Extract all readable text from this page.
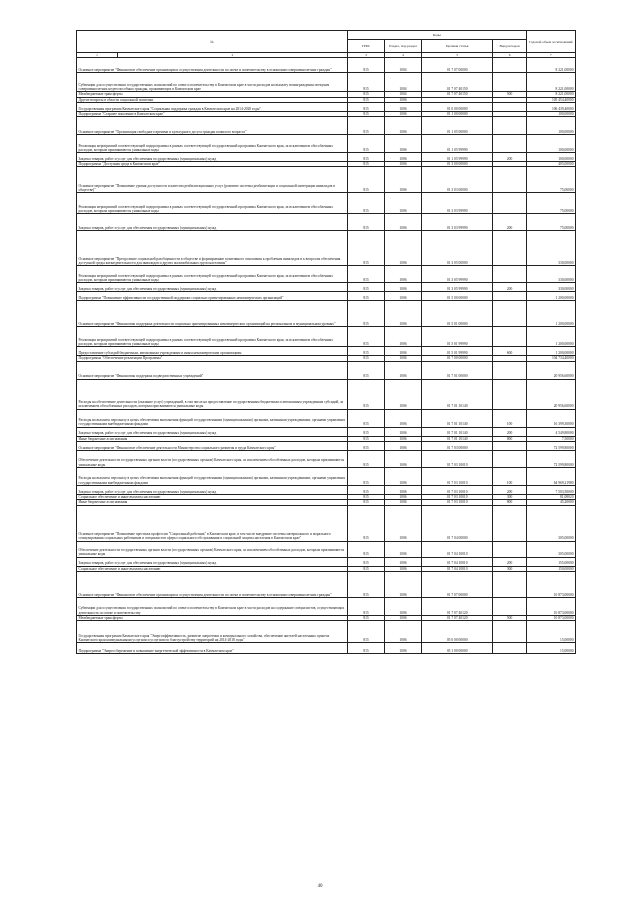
№	Коды				Годовой объем ассигнований
	ГРБС	Раздел, под-раздел	Целевая статья	Вид расходов	

1 2	3	4	5	6	7
Основное мероприятие "Финансовое обеспечение организации и осуществления деятельности по опеке и попечительству в отношении совершеннолетних граждан"	815	1004	01 7 07 00000		8 221,00000
Субвенции для осуществления государственных полномочий по опеке и попечительству в Камчатском крае в части расходов на выплату вознаграждения опекунам совершеннолетних недееспособных граждан, проживающих в Камчатском крае	815	1004	01 7 07 40150		8 221,00000
Межбюджетные трансферты	815	1004	01 7 07 40150	500	8 221,00000
Другие вопросы в области социальной политики	815	1006			105 454,40000
Государственная программа Камчатского края "Социальная поддержка граждан в Камчатском крае на 2014-2020 годы"	815	1006	01 0 00 00000		106 439,40000
Подпрограмма "Старшее поколение в Камчатском крае"	815	1006	01 1 00 00000		100,00000
Основное мероприятие "Организация свободного времени и культурного досуга граждан пожилого возраста"	815	1006	01 1 05 00000		100,00000
Реализация мероприятий соответствующей подпрограммы в рамках соответствующей государственной программы Камчатского края, за исключением обособленных расходов, которым присваиваются уникальные коды	815	1006	01 1 05 99990		100,00000
Закупка товаров, работ и услуг для обеспечения государственных (муниципальных) нужд	815	1006	01 1 05 99990	200	100,00000
Подпрограмма "Доступная среда в Камчатском крае"	815	1006	01 3 00 00000		405,00000
Основное мероприятие "Повышение уровня доступности и качества реабилитационных услуг (развитие системы реабилитации и социальной интеграции инвалидов в обществе)"	815	1006	01 3 03 00000		75,00000
Реализация мероприятий соответствующей подпрограммы в рамках соответствующей государственной программы Камчатского края, за исключением обособленных расходов, которым присваиваются уникальные коды	815	1006	01 3 03 99990		75,00000
Закупка товаров, работ и услуг для обеспечения государственных (муниципальных) нужд	815	1006	01 3 03 99990	200	75,00000
Основное мероприятие "Преодоление социальной разобщенности в обществе и формирование позитивного отношения к проблемам инвалидов и к вопросам обеспечения доступной среды жизнедеятельности для инвалидов и других маломобильных групп населения"	815	1006	01 3 05 00000		330,00000
Реализация мероприятий соответствующей подпрограммы в рамках соответствующей государственной программы Камчатского края, за исключением обособленных расходов, которым присваиваются уникальные коды	815	1006	01 3 05 99990		330,00000
Закупка товаров, работ и услуг для обеспечения государственных (муниципальных) нужд	815	1006	01 3 05 99990	200	330,00000
Подпрограмма "Повышение эффективности государственной поддержки социально ориентированных некоммерческих организаций"	815	1006	01 5 00 00000		1 200,00000
Основное мероприятие "Финансовая поддержка деятельности социально ориентированных некоммерческих организаций на региональном и муниципальном уровнях"	815	1006	01 5 01 00000		1 200,00000
Реализация мероприятий соответствующей подпрограммы в рамках соответствующей государственной программы Камчатского края, за исключением обособленных расходов, которым присваиваются уникальные коды	815	1006	01 5 01 99990		1 200,00000
Предоставление субсидий бюджетным, автономным учреждениям и иным некоммерческим организациям	815	1006	01 5 01 99990	600	1 200,00000
Подпрограмма "Обеспечение реализации Программы"	815	1006	01 7 00 00000		104 734,40000
Основное мероприятие "Финансовая поддержка подведомственных учреждений"	815	1006	01 7 01 00000		20 956,60000
Расходы на обеспечение деятельности (оказание услуг) учреждений, в том числе на предоставление государственным бюджетным и автономным учреждениям субсидий, за исключением обособленных расходов, которым присваиваются уникальные коды	815	1006	01 7 01 10140		20 956,60000
Расходы на выплаты персоналу в целях обеспечения выполнения функций государственными (муниципальными) органами, казенными учреждениями, органами управления государственными внебюджетными фондами	815	1006	01 7 01 10140	100	16 399,30000
Закупка товаров, работ и услуг для обеспечения государственных (муниципальных) нужд	815	1006	01 7 01 10140	200	4 549,80000
Иные бюджетные ассигнования	815	1006	01 7 01 10140	800	7,50000
Основное мероприятие "Финансовое обеспечение деятельности Министерства социального развития и труда Камчатского края"	815	1006	01 7 03 00000		72 599,80000
Обеспечение деятельности государственных органов власти (государственных органов) Камчатского края, за исключением обособленных расходов, которым присваиваются уникальные коды	815	1006	01 7 03 10010		72 599,80000
Расходы на выплаты персоналу в целях обеспечения выполнения функций государственными (муниципальными) органами, казенными учреждениями, органами управления государственными внебюджетными фондами	815	1006	01 7 03 10010	100	64 969,21980
Закупка товаров, работ и услуг для обеспечения государственных (муниципальных) нужд	815	1006	01 7 03 10010	200	7 503,50000
Социальное обеспечение и иные выплаты населению	815	1006	01 7 03 10010	300	81,08020
Иные бюджетные ассигнования	815	1006	01 7 03 10010	800	45,20000
Основное мероприятие "Повышение престижа профессии "Социальный работник" в Камчатском крае, в том числе внедрение системы материального и морального стимулирования социальных работников и специалистов сферы социального обслуживания и социальной защиты населения в Камчатском крае"	815	1006	01 7 04 00000		305,00000
Обеспечение деятельности государственных органов власти (государственных органов) Камчатского края, за исключением обособленных расходов, которым присваиваются уникальные коды	815	1006	01 7 04 10010		305,00000
Закупка товаров, работ и услуг для обеспечения государственных (муниципальных) нужд	815	1006	01 7 04 10010	200	155,00000
Социальное обеспечение и иные выплаты населению	815	1006	01 7 04 10010	300	150,00000
Основное мероприятие "Финансовое обеспечение организации и осуществления деятельности по опеке и попечительству в отношении совершеннолетних граждан"	815	1006	01 7 07 00000		10 873,00000
Субвенции для осуществления государственных полномочий по опеке и попечительству в Камчатском крае в части расходов на содержание специалистов, осуществляющих деятельность по опеке и попечительству	815	1006	01 7 07 40120		10 873,00000
Межбюджетные трансферты	815	1006	01 7 07 40120	500	10 873,00000
Государственная программа Камчатского края "Энергоэффективность, развитие энергетики и коммунального хозяйства, обеспечение жителей населенных пунктов Камчатского края коммунальными услугами и услугами по благоустройству территорий на 2014-2018 годы"	815	1006	05 0 00 00000		15,00000
Подпрограмма "Энергосбережение и повышение энергетической эффективности в Камчатском крае"	815	1006	05 1 00 00000		15,00000
40
